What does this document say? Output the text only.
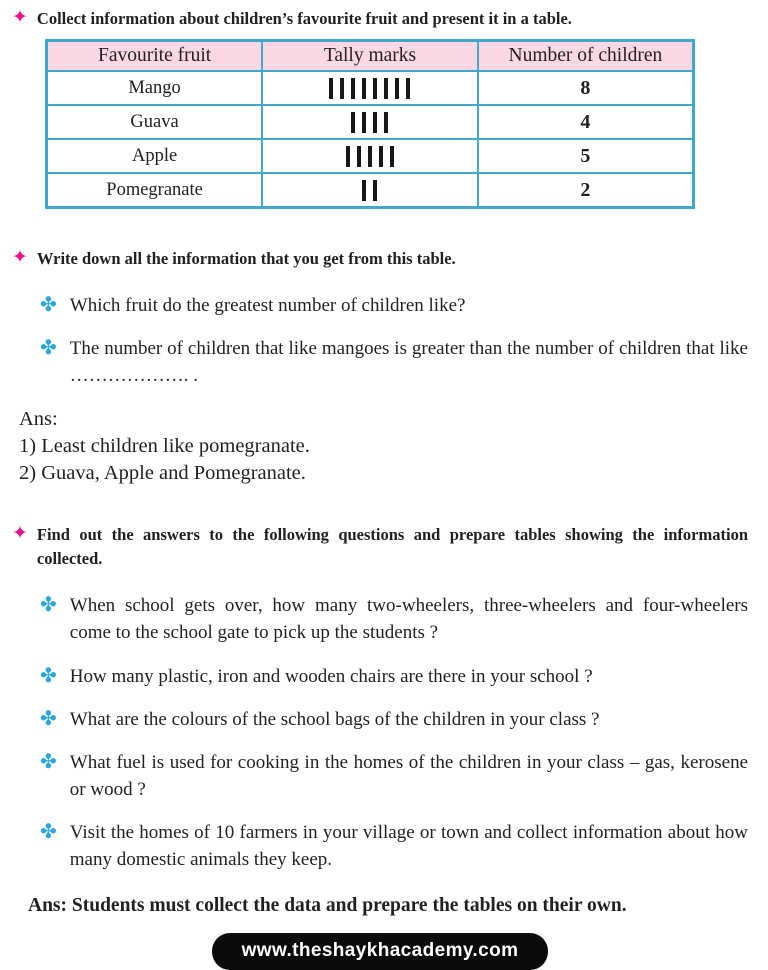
✦ Collect information about children’s favourite fruit and present it in a table.

Favourite fruit	Tally marks	Number of children
Mango		8
Guava		4
Apple		5
Pomegranate		2
✦ Write down all the information that you get from this table.

✤ Which fruit do the greatest number of children like?

✤ The number of children that like mangoes is greater than the number of children that like ………………. .

Ans:

1) Least children like pomegranate.

2) Guava, Apple and Pomegranate.

✦ Find out the answers to the following questions and prepare tables showing the information collected.

✤ When school gets over, how many two-wheelers, three-wheelers and four-wheelers come to the school gate to pick up the students ?

✤ How many plastic, iron and wooden chairs are there in your school ?

✤ What are the colours of the school bags of the children in your class ?

✤ What fuel is used for cooking in the homes of the children in your class – gas, kerosene or wood ?

✤ Visit the homes of 10 farmers in your village or town and collect information about how many domestic animals they keep.

Ans: Students must collect the data and prepare the tables on their own.

www.theshaykhacademy.com
